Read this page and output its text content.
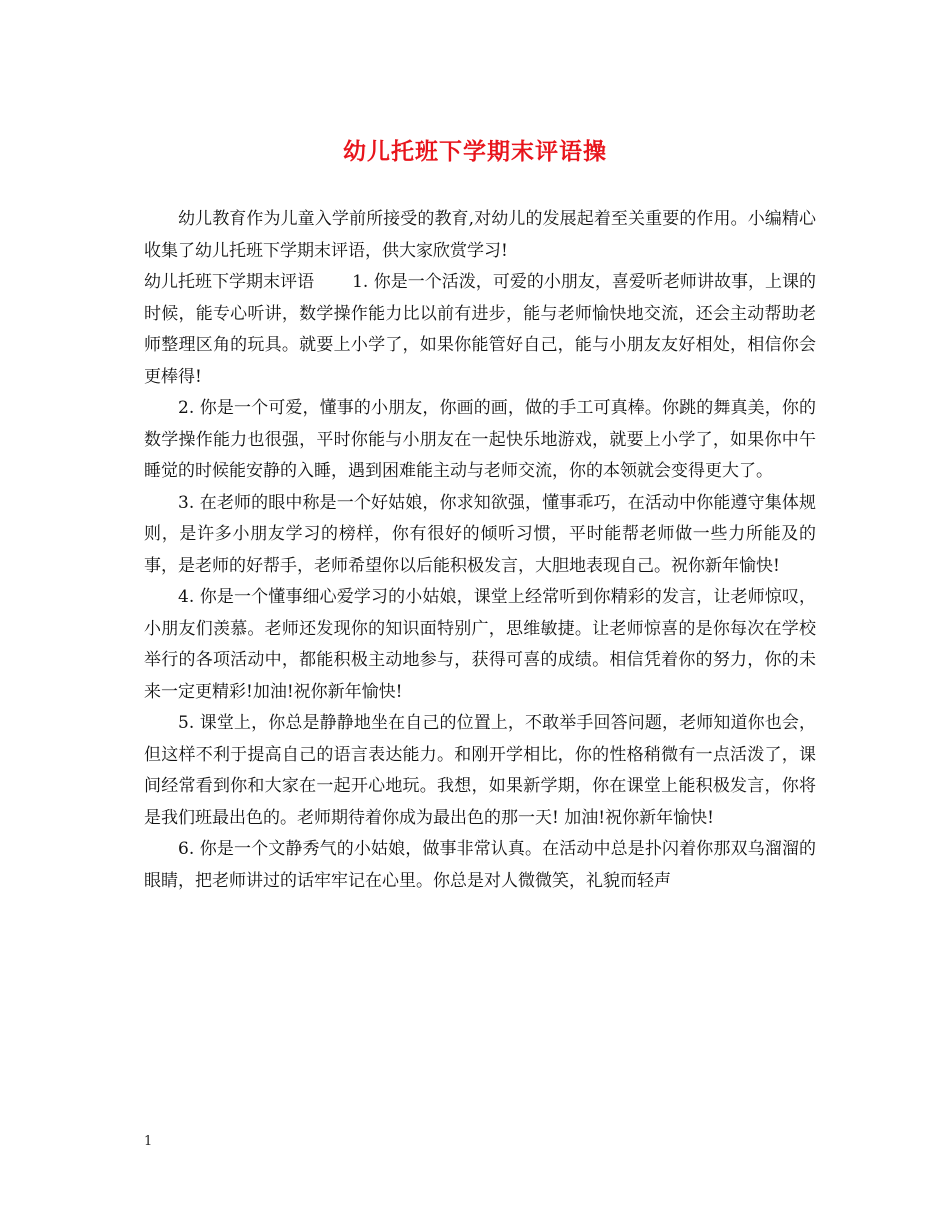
幼儿托班下学期末评语操

幼儿教育作为儿童入学前所接受的教育,对幼儿的发展起着至关重要的作用。小编精心收集了幼儿托班下学期末评语，供大家欣赏学习!

幼儿托班下学期末评语 1. 你是一个活泼，可爱的小朋友，喜爱听老师讲故事，上课的时候，能专心听讲，数学操作能力比以前有进步，能与老师愉快地交流，还会主动帮助老师整理区角的玩具。就要上小学了，如果你能管好自己，能与小朋友友好相处，相信你会更棒得!

2. 你是一个可爱，懂事的小朋友，你画的画，做的手工可真棒。你跳的舞真美，你的数学操作能力也很强，平时你能与小朋友在一起快乐地游戏，就要上小学了，如果你中午睡觉的时候能安静的入睡，遇到困难能主动与老师交流，你的本领就会变得更大了。

3. 在老师的眼中称是一个好姑娘，你求知欲强，懂事乖巧，在活动中你能遵守集体规则，是许多小朋友学习的榜样，你有很好的倾听习惯，平时能帮老师做一些力所能及的事，是老师的好帮手，老师希望你以后能积极发言，大胆地表现自己。祝你新年愉快!

4. 你是一个懂事细心爱学习的小姑娘，课堂上经常听到你精彩的发言，让老师惊叹，小朋友们羡慕。老师还发现你的知识面特别广，思维敏捷。让老师惊喜的是你每次在学校举行的各项活动中，都能积极主动地参与，获得可喜的成绩。相信凭着你的努力，你的未来一定更精彩!加油!祝你新年愉快!

5. 课堂上，你总是静静地坐在自己的位置上，不敢举手回答问题，老师知道你也会，但这样不利于提高自己的语言表达能力。和刚开学相比，你的性格稍微有一点活泼了，课间经常看到你和大家在一起开心地玩。我想，如果新学期，你在课堂上能积极发言，你将是我们班最出色的。老师期待着你成为最出色的那一天! 加油!祝你新年愉快!

6. 你是一个文静秀气的小姑娘，做事非常认真。在活动中总是扑闪着你那双乌溜溜的眼睛，把老师讲过的话牢牢记在心里。你总是对人微微笑，礼貌而轻声

1
